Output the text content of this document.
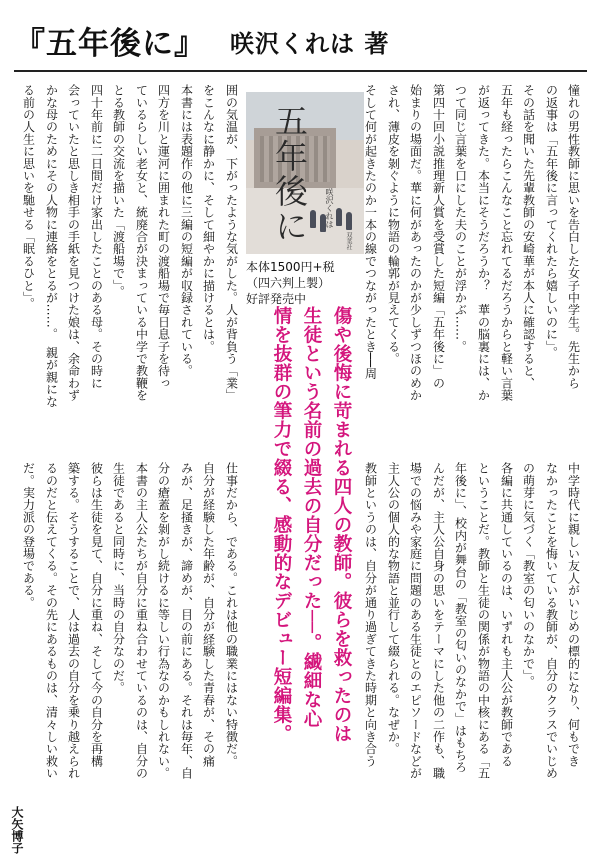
『五年後に』 咲沢くれは 著
憧れの男性教師に思いを告白した女子中学生。先生から
の返事は「五年後に言ってくれたら嬉しいのに」。
その話を聞いた先輩教師の安崎華が本人に確認すると、
五年も経ったらこんなこと忘れてるだろうからと軽い言葉
が返ってきた。本当にそうだろうか？　華の脳裏には、か
つて同じ言葉を口にした夫のことが浮かぶ……。
第四十回小説推理新人賞を受賞した短編「五年後に」の
始まりの場面だ。華に何があったのかが少しずつほのめか
され、薄皮を剝ぐように物語の輪郭が見えてくる。
そして何が起きたのか一本の線でつながったとき──周
五年後に 咲沢くれは
双葉社
本体1500円+税
（四六判上製）
好評発売中
囲の気温が、下がったような気がした。人が背負う「業」
をこんなに静かに、そして細やかに描けるとは。
本書には表題作の他に三編の短編が収録されている。
四方を川と運河に囲まれた町の渡船場で毎日息子を待っ
ているらしい老女と、統廃合が決まっている中学で教鞭を
とる教師の交流を描いた「渡船場で」。
四十年前に二日間だけ家出したことのある母。その時に
会っていたと思しき相手の手紙を見つけた娘は、余命わず
かな母のためにその人物に連絡をとるが……。　親が親にな
る前の人生に思いを馳せる「眠るひと」。
傷や後悔に苛まれる四人の教師。彼らを救ったのは
生徒という名前の過去の自分だった──。繊細な心
情を抜群の筆力で綴る、感動的なデビュー短編集。	中学時代に親しい友人がいじめの標的になり、何もでき
なかったことを悔いている教師が、自分のクラスでいじめ
の萌芽に気づく「教室の匂いのなかで」。
各編に共通しているのは、いずれも主人公が教師である
ということだ。教師と生徒の関係が物語の中核にある「五
年後に」、校内が舞台の「教室の匂いのなかで」はもちろ
んだが、主人公自身の思いをテーマにした他の二作も、職
場での悩みや家庭に問題のある生徒とのエピソードなどが
主人公の個人的な物語と並行して綴られる。なぜか。
教師というのは、自分が通り過ぎてきた時期と向き合う
仕事だから、である。これは他の職業にはない特徴だ。
自分が経験した年齢が、自分が経験した青春が、その痛
みが、足掻きが、諦めが、目の前にある。それは毎年、自
分の瘡蓋を剝がし続けるに等しい行為なのかもしれない。
本書の主人公たちが自分に重ね合わせているのは、自分の
生徒であると同時に、当時の自分なのだ。
彼らは生徒を見て、自分に重ね、そして今の自分を再構
築する。そうすることで、人は過去の自分を乗り越えられ
るのだと伝えてくる。その先にあるものは、清々しい救い
だ。実力派の登場である。
大矢博子
